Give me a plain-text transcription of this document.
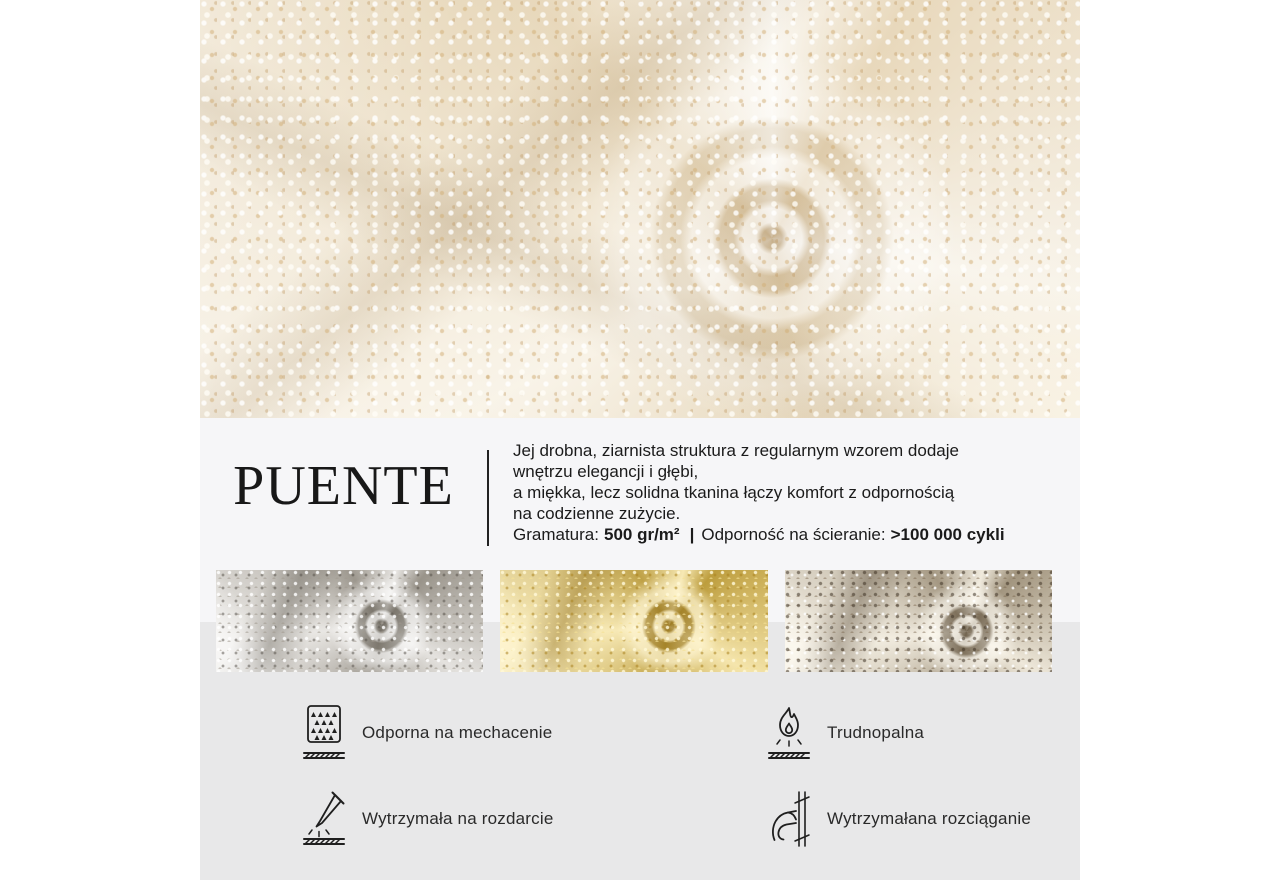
PUENTE

Jej drobna, ziarnista struktura z regularnym wzorem dodaje

wnętrzu elegancji i głębi,

a miękka, lecz solidna tkanina łączy komfort z odpornością

na codzienne zużycie.

Gramatura: 500 gr/m² | Odporność na ścieranie: >100 000 cykli

Odporna na mechacenie	Trudnopalna
Wytrzymała na rozdarcie	Wytrzymałana rozciąganie
